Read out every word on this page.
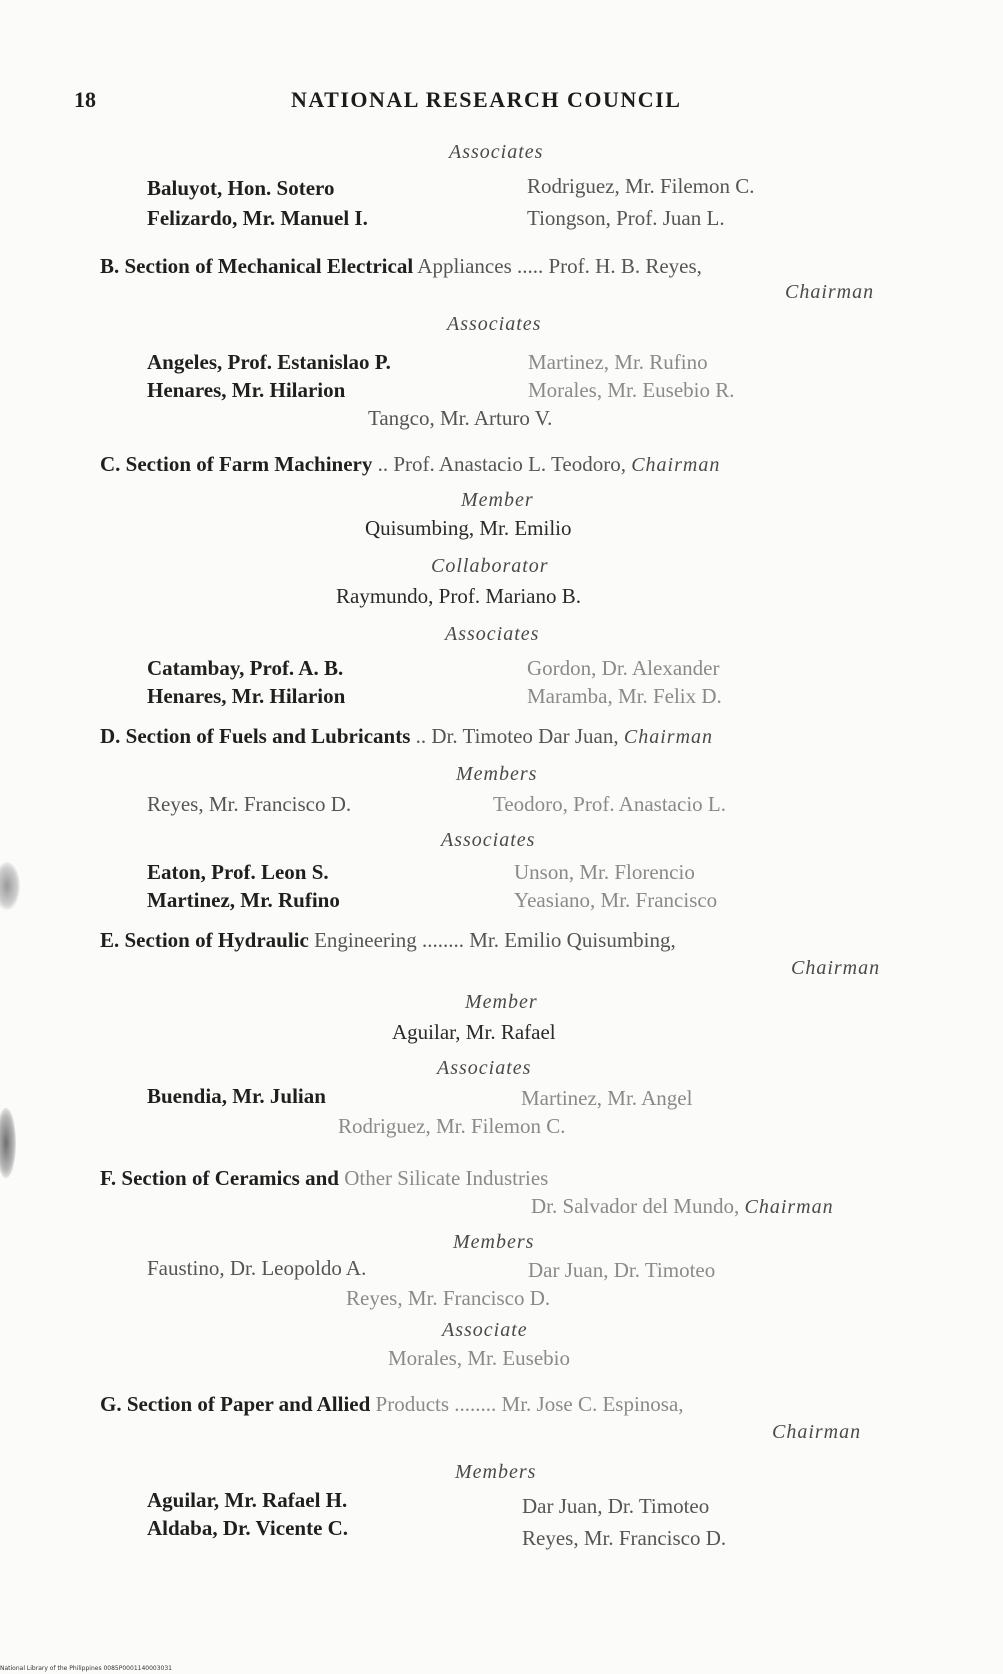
18	NATIONAL RESEARCH COUNCIL
Associates
Baluyot, Hon. Sotero	Rodriguez, Mr. Filemon C.
Felizardo, Mr. Manuel I.	Tiongson, Prof. Juan L.
B. Section of Mechanical Electrical Appliances ..... Prof. H. B. Reyes,
Chairman
Associates
Angeles, Prof. Estanislao P.	Martinez, Mr. Rufino
Henares, Mr. Hilarion	Morales, Mr. Eusebio R.
Tangco, Mr. Arturo V.
C. Section of Farm Machinery .. Prof. Anastacio L. Teodoro, Chairman
Member
Quisumbing, Mr. Emilio
Collaborator
Raymundo, Prof. Mariano B.
Associates
Catambay, Prof. A. B.	Gordon, Dr. Alexander
Henares, Mr. Hilarion	Maramba, Mr. Felix D.
D. Section of Fuels and Lubricants .. Dr. Timoteo Dar Juan, Chairman
Members
Reyes, Mr. Francisco D.	Teodoro, Prof. Anastacio L.
Associates
Eaton, Prof. Leon S.	Unson, Mr. Florencio
Martinez, Mr. Rufino	Yeasiano, Mr. Francisco
E. Section of Hydraulic Engineering ........ Mr. Emilio Quisumbing,
Chairman
Member
Aguilar, Mr. Rafael
Associates
Buendia, Mr. Julian	Martinez, Mr. Angel
Rodriguez, Mr. Filemon C.
F. Section of Ceramics and Other Silicate Industries
Dr. Salvador del Mundo, Chairman
Members
Faustino, Dr. Leopoldo A.	Dar Juan, Dr. Timoteo
Reyes, Mr. Francisco D.
Associate
Morales, Mr. Eusebio
G. Section of Paper and Allied Products ........ Mr. Jose C. Espinosa,
Chairman
Members
Aguilar, Mr. Rafael H.	Dar Juan, Dr. Timoteo
Aldaba, Dr. Vicente C.	Reyes, Mr. Francisco D.
National Library of the Philippines 0085P0001140003031
